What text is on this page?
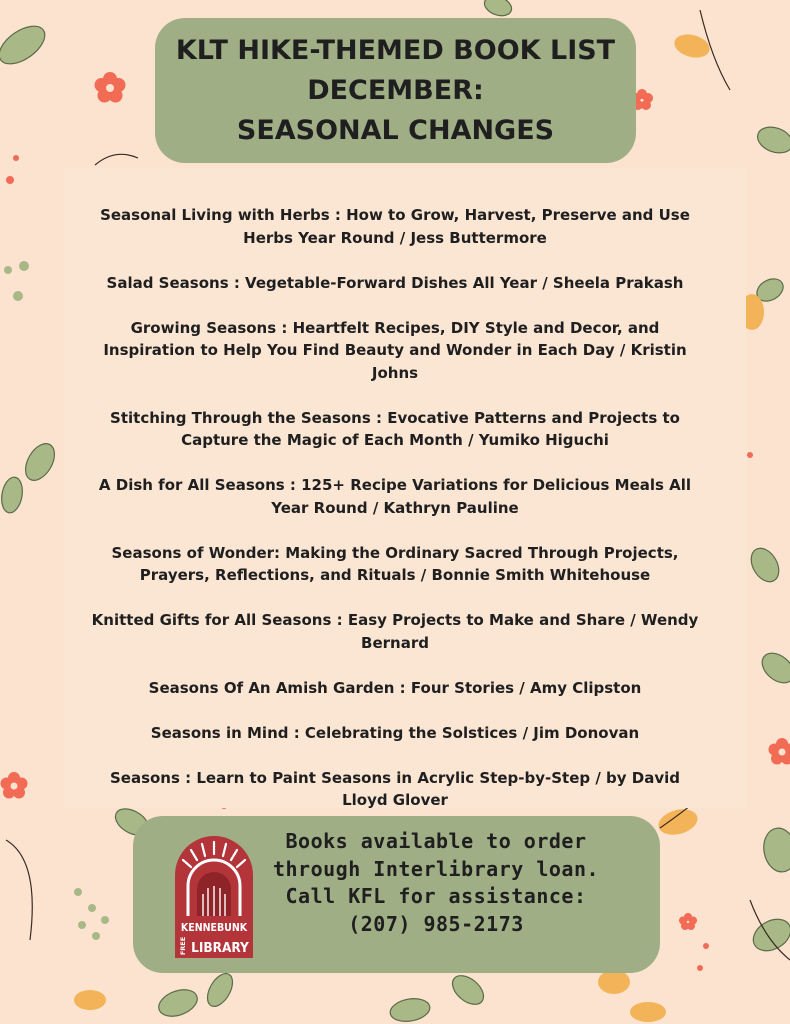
KLT HIKE-THEMED BOOK LIST
DECEMBER:
SEASONAL CHANGES
Seasonal Living with Herbs : How to Grow, Harvest, Preserve and Use Herbs Year Round / Jess Buttermore
Salad Seasons : Vegetable-Forward Dishes All Year / Sheela Prakash
Growing Seasons : Heartfelt Recipes, DIY Style and Decor, and Inspiration to Help You Find Beauty and Wonder in Each Day / Kristin Johns
Stitching Through the Seasons : Evocative Patterns and Projects to Capture the Magic of Each Month / Yumiko Higuchi
A Dish for All Seasons : 125+ Recipe Variations for Delicious Meals All Year Round / Kathryn Pauline
Seasons of Wonder: Making the Ordinary Sacred Through Projects, Prayers, Reflections, and Rituals / Bonnie Smith Whitehouse
Knitted Gifts for All Seasons : Easy Projects to Make and Share / Wendy Bernard
Seasons Of An Amish Garden : Four Stories / Amy Clipston
Seasons in Mind : Celebrating the Solstices / Jim Donovan
Seasons : Learn to Paint Seasons in Acrylic Step-by-Step / by David Lloyd Glover
KENNEBUNK
FREE LIBRARY
Books available to order
through Interlibrary loan.
Call KFL for assistance:
(207) 985-2173
